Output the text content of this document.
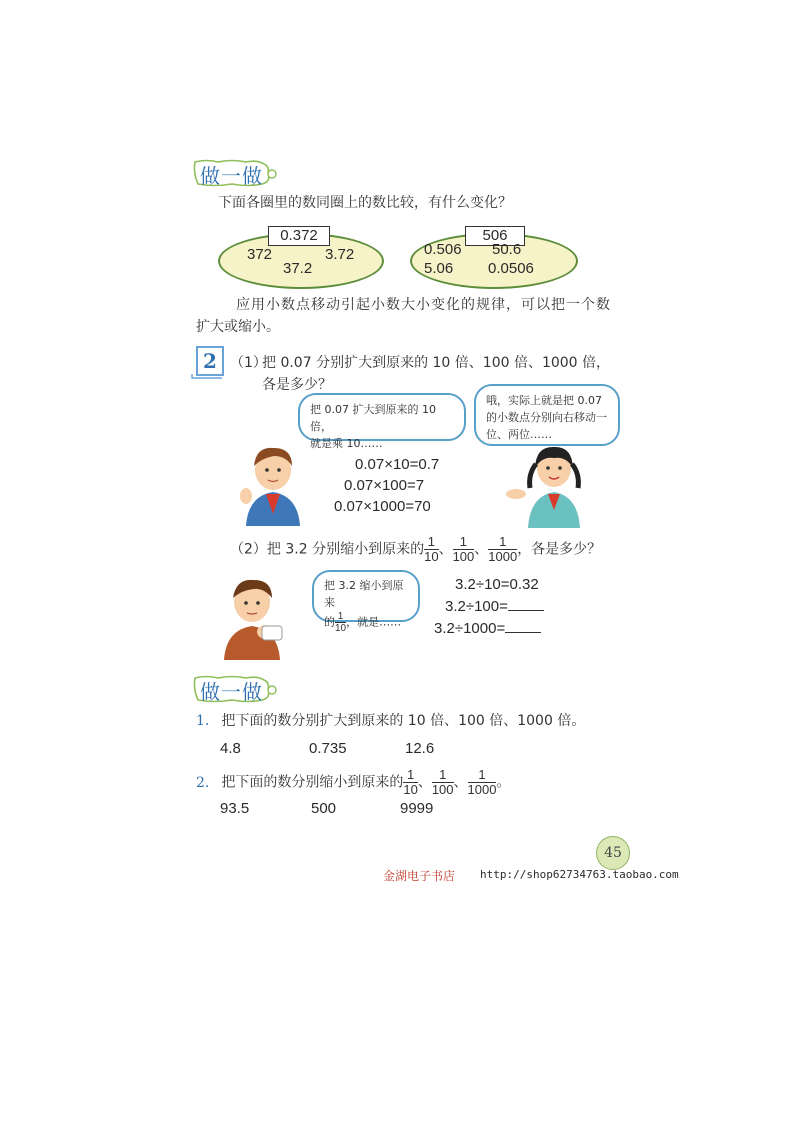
做一做
下面各圈里的数同圈上的数比较，有什么变化？
0.372
372	3.72
37.2
506
0.506 50.6
5.06 0.0506
应用小数点移动引起小数大小变化的规律，可以把一个数
扩大或缩小。
2 （1）
把 0.07 分别扩大到原来的 10 倍、100 倍、1000 倍，
各是多少？
把 0.07 扩大到原来的 10 倍，
就是乘 10……
哦，实际上就是把 0.07
的小数点分别向右移动一
位、两位……
0.07×10=0.7
0.07×100=7
0.07×1000=70
（2）把 3.2 分别缩小到原来的 $\frac{1}{10}$ 、 $\frac{1}{100}$ 、 $\frac{1}{1000}$ ，各是多少？
把 3.2 缩小到原来
的 $\frac{1}{10}$ ，就是……
3.2÷10=0.32
3.2÷100=
3.2÷1000=
做一做
1. 把下面的数分别扩大到原来的 10 倍、100 倍、1000 倍。
4.8	0.735	12.6
2. 把下面的数分别缩小到原来的 $\frac{1}{10}$ 、 $\frac{1}{100}$ 、 $\frac{1}{1000}$ 。
93.5	500	9999
45
金湖电子书店 http://shop62734763.taobao.com
